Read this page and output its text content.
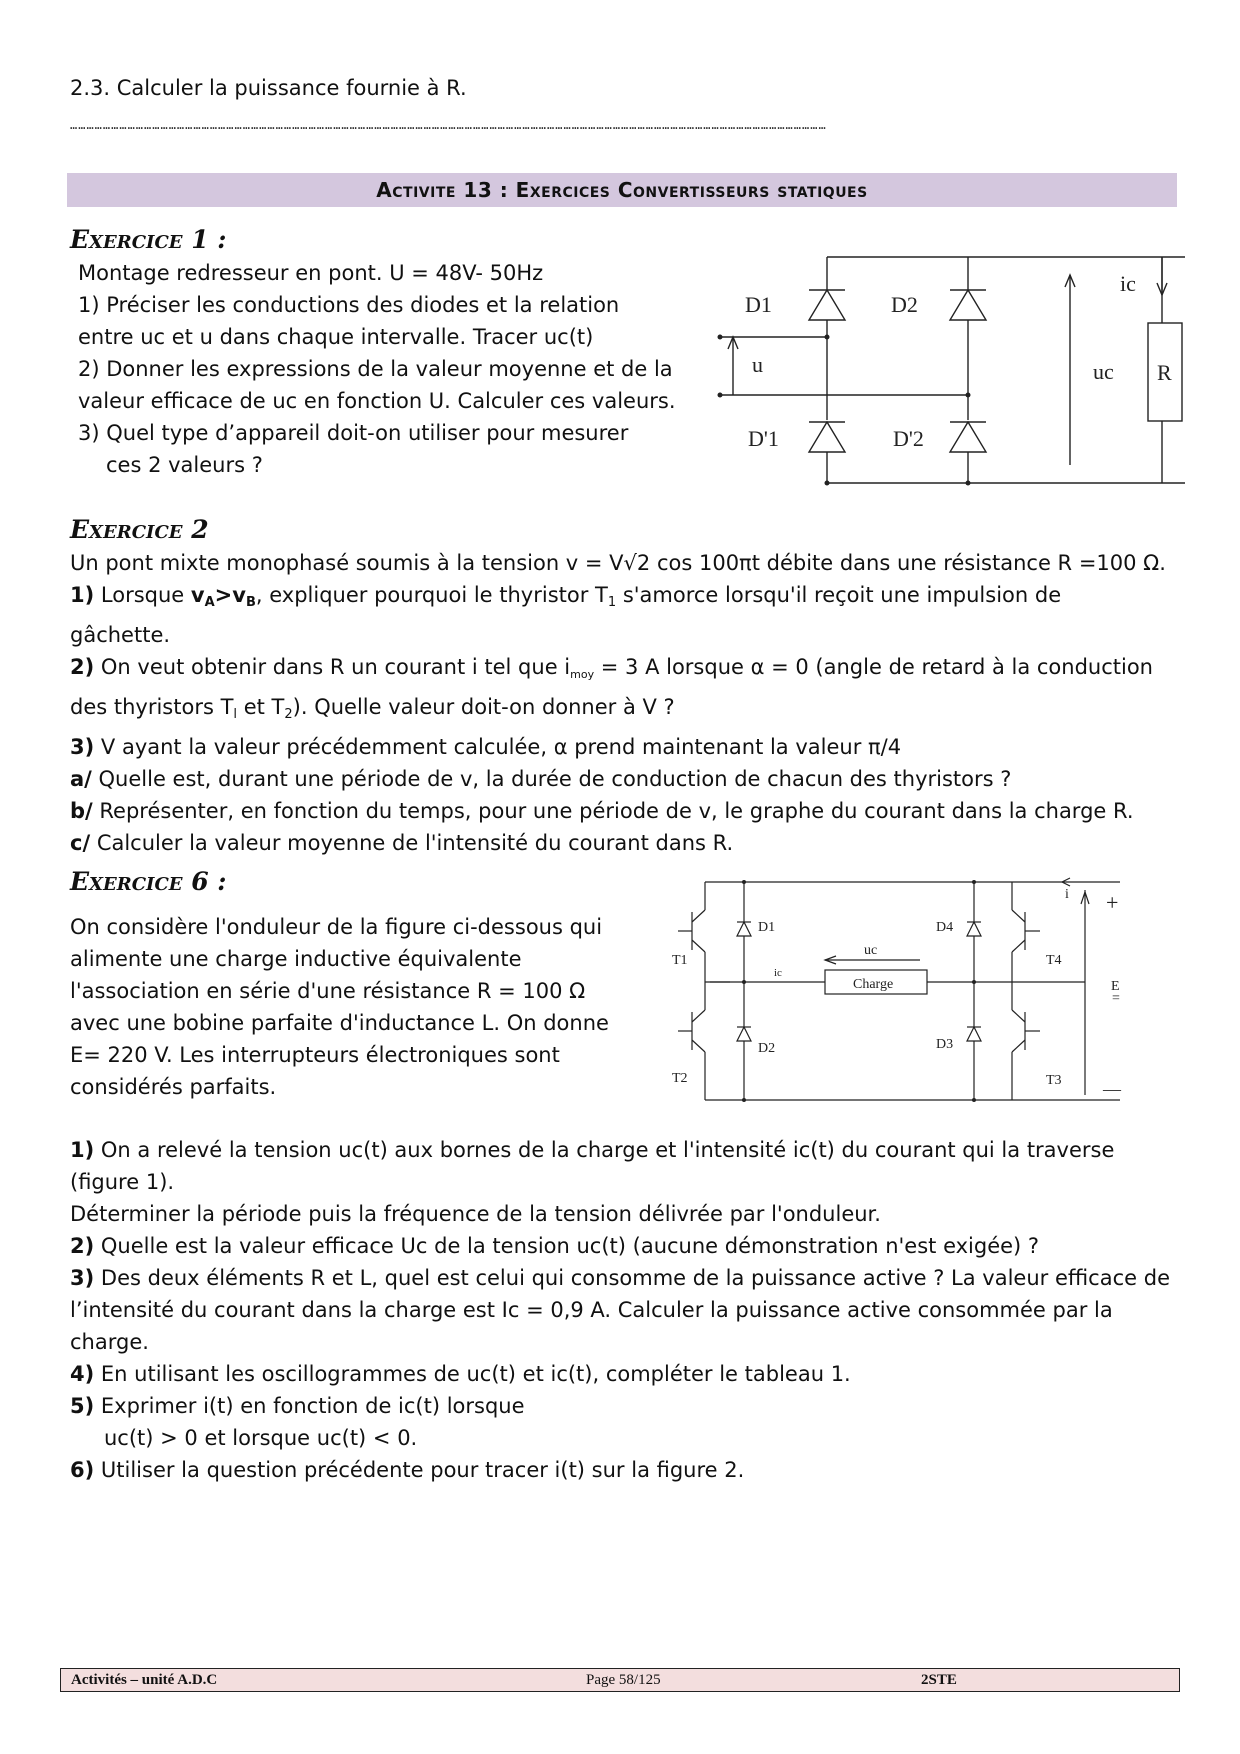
2.3. Calculer la puissance fournie à R.
……………………………………………………………………………………………………………………………………………………………………………………………………………………………………………………
Activite 13 : Exercices Convertisseurs statiques
Exercice 1 :
Montage redresseur en pont. U = 48V- 50Hz
1) Préciser les conductions des diodes et la relation
entre uc et u dans chaque intervalle. Tracer uc(t)
2) Donner les expressions de la valeur moyenne et de la
valeur efficace de uc en fonction U. Calculer ces valeurs.
3) Quel type d’appareil doit-on utiliser pour mesurer
ces 2 valeurs ?
D1	D2
u
D'1	D'2
uc
ic
R
Exercice 2
Un pont mixte monophasé soumis à la tension v = V√2 cos 100πt débite dans une résistance R =100 Ω.
1) Lorsque $v_A>v_B$, expliquer pourquoi le thyristor $T_1$ s'amorce lorsqu'il reçoit une impulsion de
gâchette.
2) On veut obtenir dans R un courant i tel que $i_{moy} = 3$ A lorsque α = 0 (angle de retard à la conduction
des thyristors $T_l$ et $T_2$). Quelle valeur doit-on donner à V ?
3) V ayant la valeur précédemment calculée, α prend maintenant la valeur π/4
a/ Quelle est, durant une période de v, la durée de conduction de chacun des thyristors ?
b/ Représenter, en fonction du temps, pour une période de v, le graphe du courant dans la charge R.
c/ Calculer la valeur moyenne de l'intensité du courant dans R.
Exercice 6 :
On considère l'onduleur de la figure ci-dessous qui
alimente une charge inductive équivalente
l'association en série d'une résistance R = 100 Ω
avec une bobine parfaite d'inductance L. On donne
E= 220 V. Les interrupteurs électroniques sont
considérés parfaits.
T1
T2	T3
T4
D1
D2	D3
D4
uc
ic
Charge
i
E
=
+
—
1) On a relevé la tension uc(t) aux bornes de la charge et l'intensité ic(t) du courant qui la traverse
(figure 1).
Déterminer la période puis la fréquence de la tension délivrée par l'onduleur.
2) Quelle est la valeur efficace Uc de la tension uc(t) (aucune démonstration n'est exigée) ?
3) Des deux éléments R et L, quel est celui qui consomme de la puissance active ? La valeur efficace de
l’intensité du courant dans la charge est Ic = 0,9 A. Calculer la puissance active consommée par la
charge.
4) En utilisant les oscillogrammes de uc(t) et ic(t), compléter le tableau 1.
5) Exprimer i(t) en fonction de ic(t) lorsque
uc(t) > 0 et lorsque uc(t) < 0.
6) Utiliser la question précédente pour tracer i(t) sur la figure 2.
Activités – unité A.D.C	Page 58/125	2STE
